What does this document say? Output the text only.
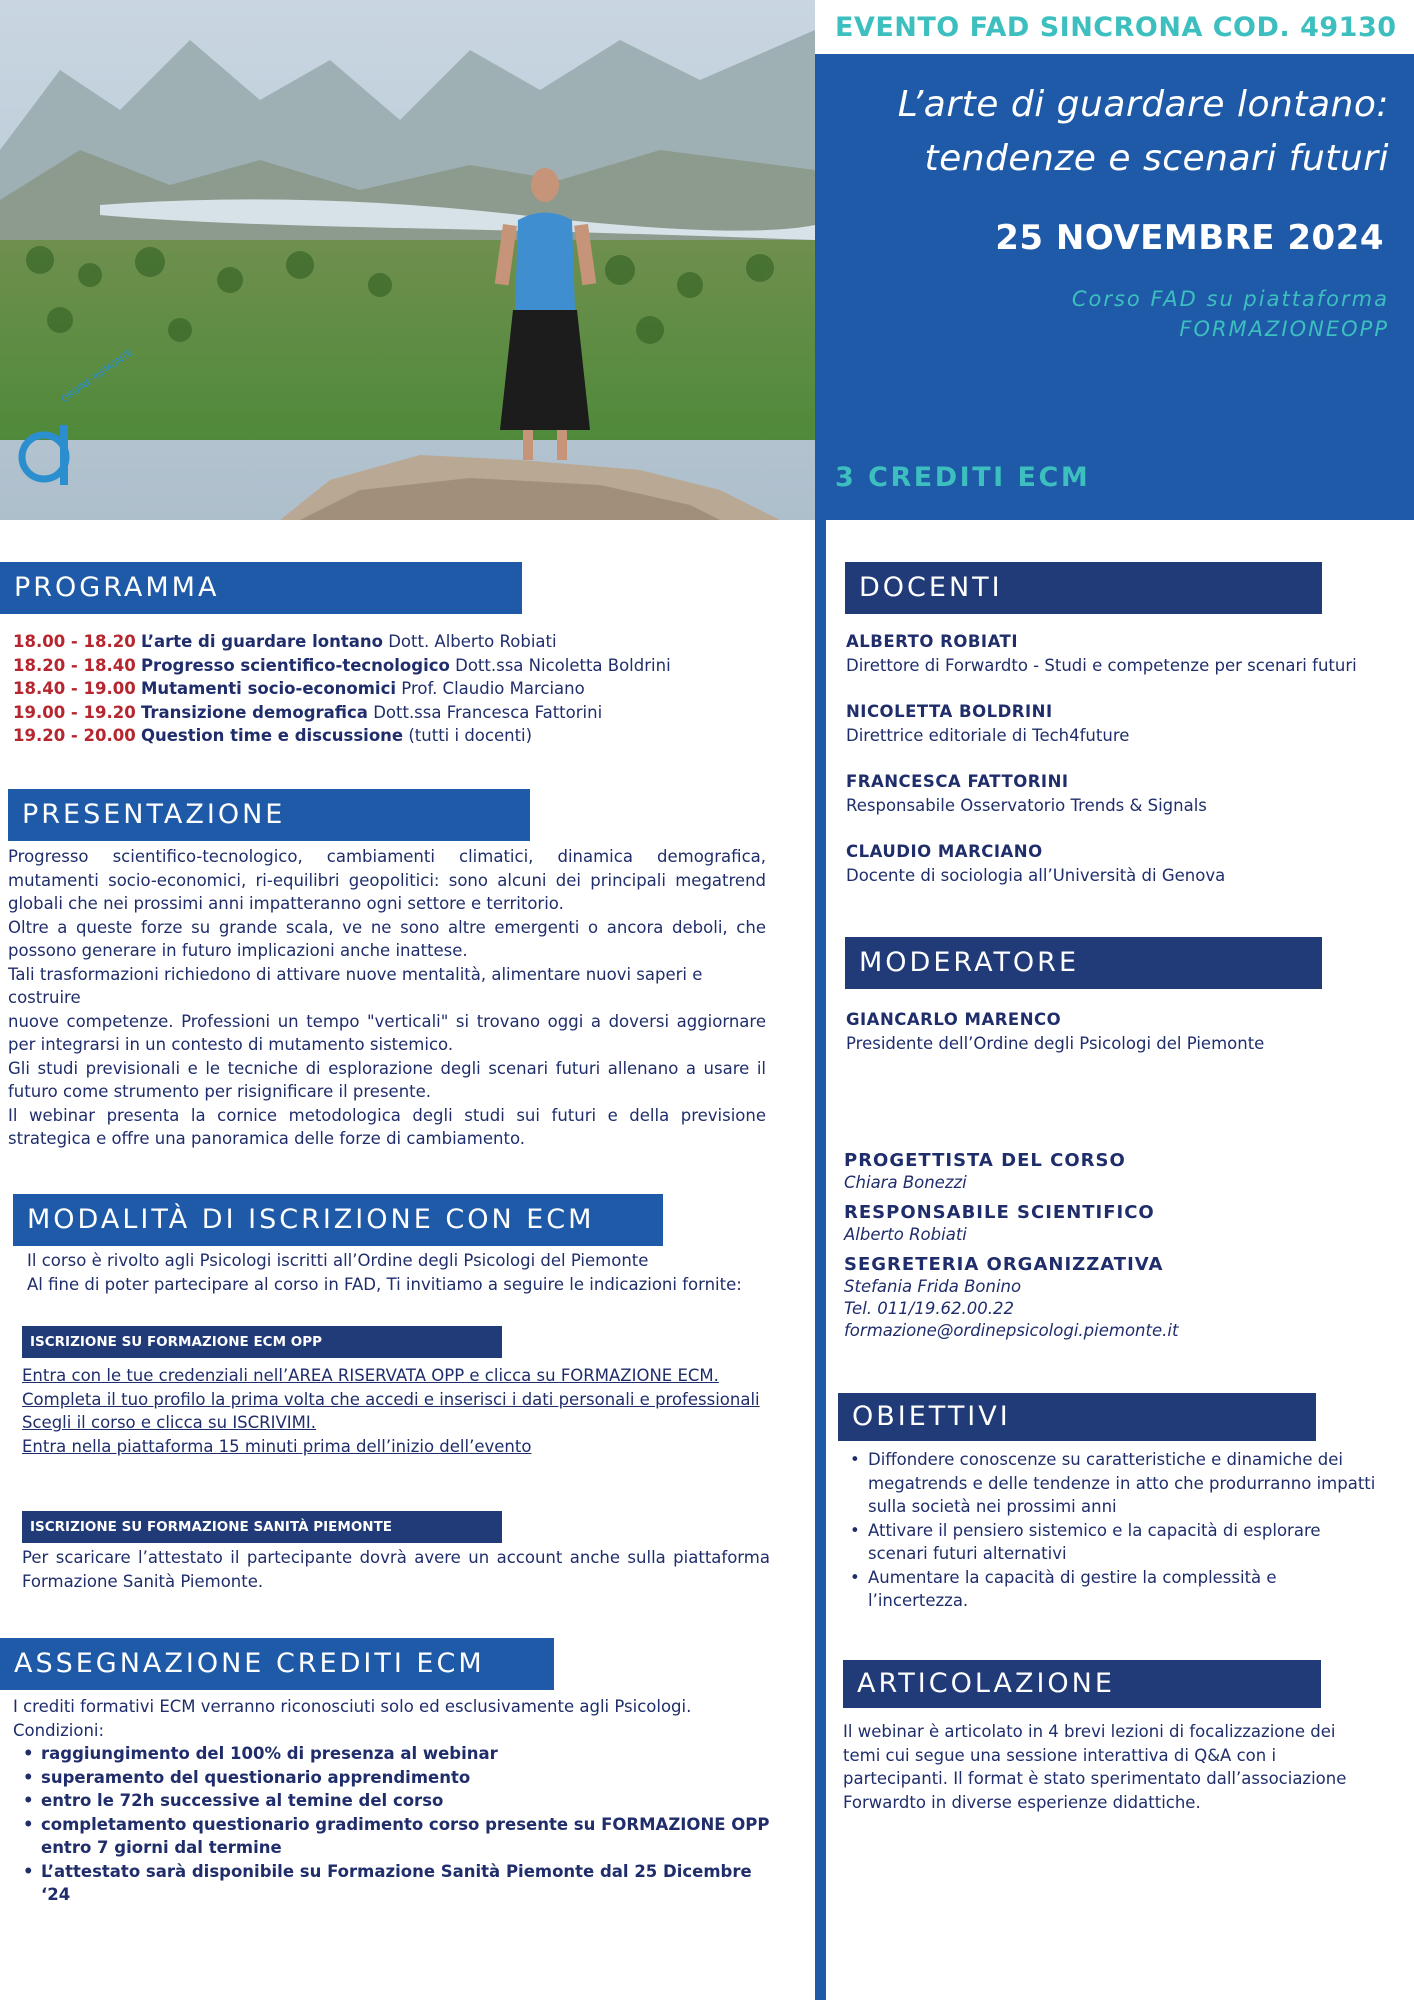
ORDINE PIEMONTE
EVENTO FAD SINCRONA COD. 49130
L’arte di guardare lontano:
tendenze e scenari futuri
25 NOVEMBRE 2024
Corso FAD su piattaforma
FORMAZIONEOPP
3 CREDITI ECM
PROGRAMMA
18.00 - 18.20 L’arte di guardare lontano Dott. Alberto Robiati
18.20 - 18.40 Progresso scientifico-tecnologico Dott.ssa Nicoletta Boldrini
18.40 - 19.00 Mutamenti socio-economici Prof. Claudio Marciano
19.00 - 19.20 Transizione demografica Dott.ssa Francesca Fattorini
19.20 - 20.00 Question time e discussione (tutti i docenti)
PRESENTAZIONE
Progresso scientifico-tecnologico, cambiamenti climatici, dinamica demografica, mutamenti socio-economici, ri-equilibri geopolitici: sono alcuni dei principali megatrend globali che nei prossimi anni impatteranno ogni settore e territorio.
Oltre a queste forze su grande scala, ve ne sono altre emergenti o ancora deboli, che possono generare in futuro implicazioni anche inattese.
Tali trasformazioni richiedono di attivare nuove mentalità, alimentare nuovi saperi e costruire
nuove competenze. Professioni un tempo "verticali" si trovano oggi a doversi aggiornare per integrarsi in un contesto di mutamento sistemico.
Gli studi previsionali e le tecniche di esplorazione degli scenari futuri allenano a usare il futuro come strumento per risignificare il presente.
Il webinar presenta la cornice metodologica degli studi sui futuri e della previsione strategica e offre una panoramica delle forze di cambiamento.
MODALITÀ DI ISCRIZIONE CON ECM
Il corso è rivolto agli Psicologi iscritti all’Ordine degli Psicologi del Piemonte
Al fine di poter partecipare al corso in FAD, Ti invitiamo a seguire le indicazioni fornite:
ISCRIZIONE SU FORMAZIONE ECM OPP
Entra con le tue credenziali nell’AREA RISERVATA OPP e clicca su FORMAZIONE ECM.
Completa il tuo profilo la prima volta che accedi e inserisci i dati personali e professionali
Scegli il corso e clicca su ISCRIVIMI.
Entra nella piattaforma 15 minuti prima dell’inizio dell’evento
ISCRIZIONE SU FORMAZIONE SANITÀ PIEMONTE
Per scaricare l’attestato il partecipante dovrà avere un account anche sulla piattaforma Formazione Sanità Piemonte.
ASSEGNAZIONE CREDITI ECM
I crediti formativi ECM verranno riconosciuti solo ed esclusivamente agli Psicologi.
Condizioni:
• raggiungimento del 100% di presenza al webinar
• superamento del questionario apprendimento
• entro le 72h successive al temine del corso
• completamento questionario gradimento corso presente su FORMAZIONE OPP entro 7 giorni dal termine
• L’attestato sarà disponibile su Formazione Sanità Piemonte dal 25 Dicembre ‘24
DOCENTI
ALBERTO ROBIATI
Direttore di Forwardto - Studi e competenze per scenari futuri
NICOLETTA BOLDRINI
Direttrice editoriale di Tech4future
FRANCESCA FATTORINI
Responsabile Osservatorio Trends & Signals
CLAUDIO MARCIANO
Docente di sociologia all’Università di Genova
MODERATORE
GIANCARLO MARENCO
Presidente dell’Ordine degli Psicologi del Piemonte
PROGETTISTA DEL CORSO
Chiara Bonezzi
RESPONSABILE SCIENTIFICO
Alberto Robiati
SEGRETERIA ORGANIZZATIVA
Stefania Frida Bonino
Tel. 011/19.62.00.22
formazione@ordinepsicologi.piemonte.it
OBIETTIVI
• Diffondere conoscenze su caratteristiche e dinamiche dei megatrends e delle tendenze in atto che produrranno impatti sulla società nei prossimi anni
• Attivare il pensiero sistemico e la capacità di esplorare scenari futuri alternativi
• Aumentare la capacità di gestire la complessità e l’incertezza.
ARTICOLAZIONE
Il webinar è articolato in 4 brevi lezioni di focalizzazione dei temi cui segue una sessione interattiva di Q&A con i partecipanti. Il format è stato sperimentato dall’associazione Forwardto in diverse esperienze didattiche.
